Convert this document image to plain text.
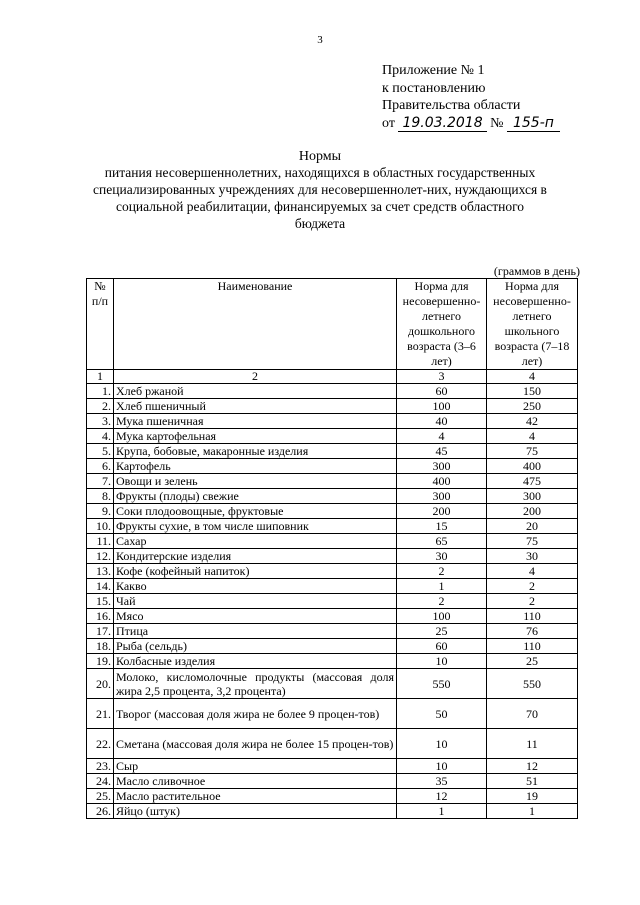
3
Приложение № 1
к постановлению
Правительства области
от 19.03.2018 № 155-п
Нормы
питания несовершеннолетних, находящихся в областных государственных специализированных учреждениях для несовершеннолет-них, нуждающихся в социальной реабилитации, финансируемых за счет средств областного бюджета
(граммов в день)
№ п/п	Наименование	Норма для несовершенно-летнего дошкольного возраста (3–6 лет)	Норма для несовершенно-летнего школьного возраста (7–18 лет)
1	2	3	4
1.	Хлеб ржаной	60	150
2.	Хлеб пшеничный	100	250
3.	Мука пшеничная	40	42
4.	Мука картофельная	4	4
5.	Крупа, бобовые, макаронные изделия	45	75
6.	Картофель	300	400
7.	Овощи и зелень	400	475
8.	Фрукты (плоды) свежие	300	300
9.	Соки плодоовощные, фруктовые	200	200
10.	Фрукты сухие, в том числе шиповник	15	20
11.	Сахар	65	75
12.	Кондитерские изделия	30	30
13.	Кофе (кофейный напиток)	2	4
14.	Какво	1	2
15.	Чай	2	2
16.	Мясо	100	110
17.	Птица	25	76
18.	Рыба (сельдь)	60	110
19.	Колбасные изделия	10	25
20.	Молоко, кисломолочные продукты (массовая доля жира 2,5 процента, 3,2 процента)	550	550
21.	Творог (массовая доля жира не более 9 процен-тов)	50	70
22.	Сметана (массовая доля жира не более 15 процен-тов)	10	11
23.	Сыр	10	12
24.	Масло сливочное	35	51
25.	Масло растительное	12	19
26.	Яйцо (штук)	1	1
